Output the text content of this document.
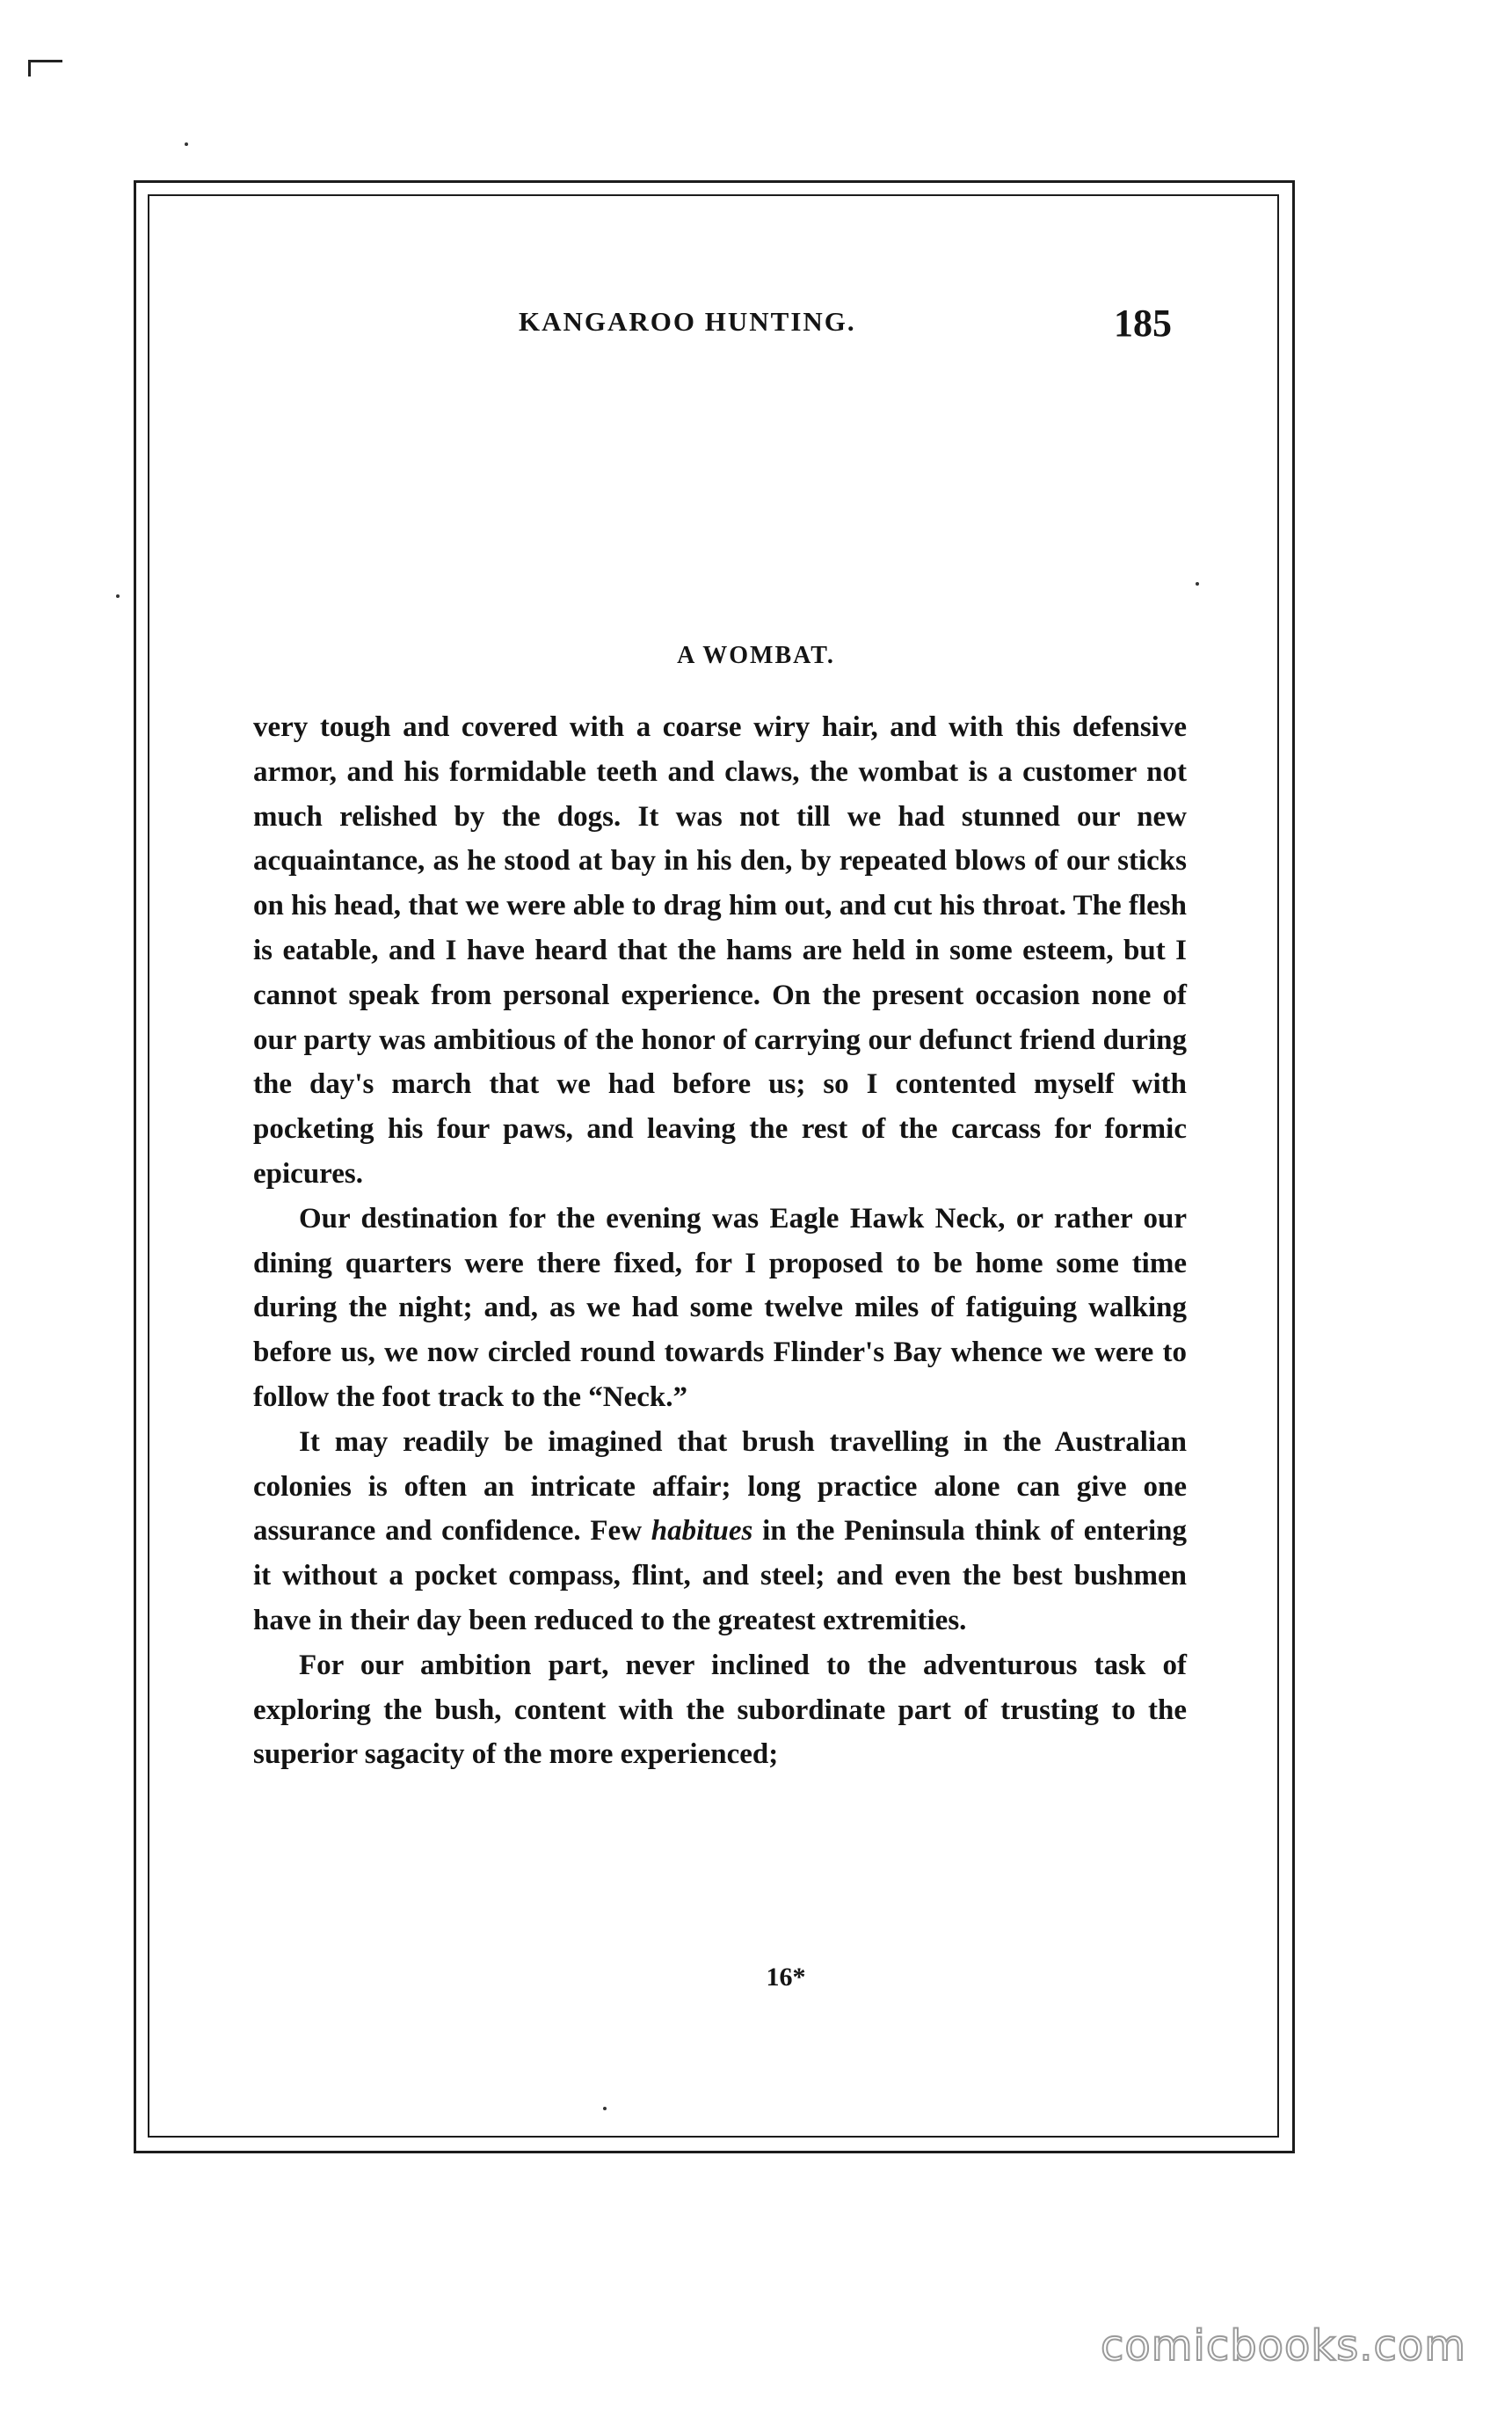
KANGAROO HUNTING.	185
A WOMBAT.

very tough and covered with a coarse wiry hair, and with this defensive armor, and his formidable teeth and claws, the wombat is a customer not much relished by the dogs. It was not till we had stunned our new acquaintance, as he stood at bay in his den, by repeated blows of our sticks on his head, that we were able to drag him out, and cut his throat. The flesh is eatable, and I have heard that the hams are held in some esteem, but I cannot speak from personal experience. On the present occasion none of our party was ambitious of the honor of carrying our defunct friend during the day's march that we had before us; so I contented myself with pocketing his four paws, and leaving the rest of the carcass for formic epicures.

Our destination for the evening was Eagle Hawk Neck, or rather our dining quarters were there fixed, for I proposed to be home some time during the night; and, as we had some twelve miles of fatiguing walking before us, we now circled round towards Flinder's Bay whence we were to follow the foot track to the “Neck.”

It may readily be imagined that brush travelling in the Australian colonies is often an intricate affair; long practice alone can give one assurance and confidence. Few habitues in the Peninsula think of entering it without a pocket compass, flint, and steel; and even the best bushmen have in their day been reduced to the greatest extremities.

For our ambition part, never inclined to the adventurous task of exploring the bush, content with the subordinate part of trusting to the superior sagacity of the more experienced;

16*
comicbooks.com
